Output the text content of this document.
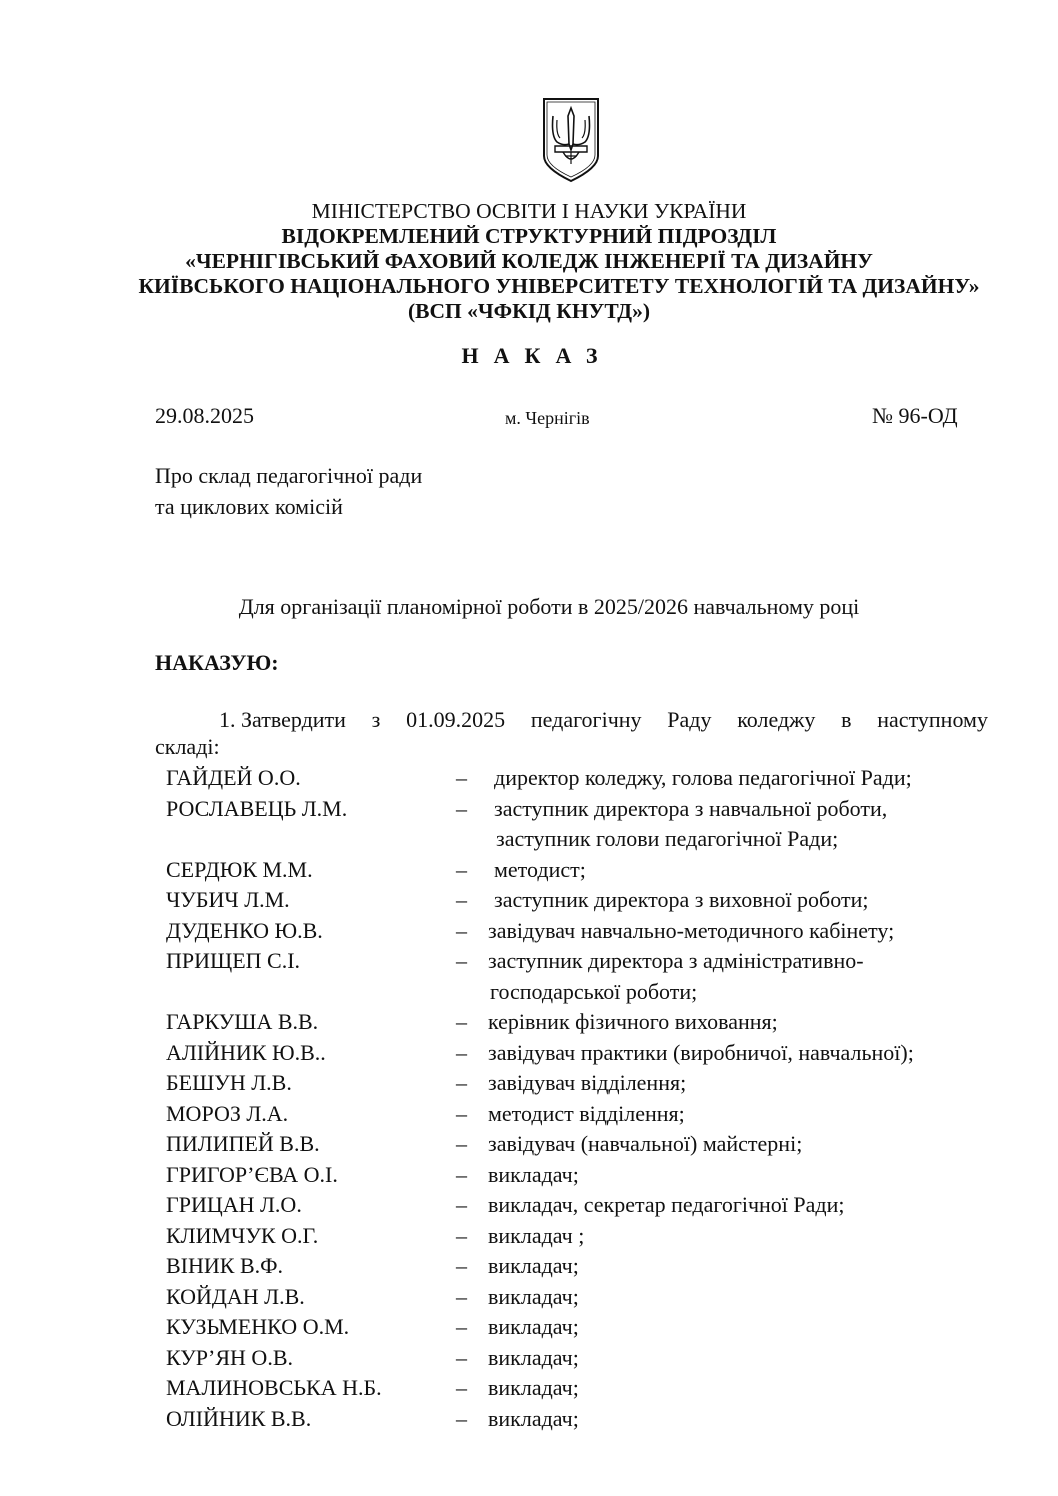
МІНІСТЕРСТВО ОСВІТИ І НАУКИ УКРАЇНИ
ВІДОКРЕМЛЕНИЙ СТРУКТУРНИЙ ПІДРОЗДІЛ
«ЧЕРНІГІВСЬКИЙ ФАХОВИЙ КОЛЕДЖ ІНЖЕНЕРІЇ ТА ДИЗАЙНУ
КИЇВСЬКОГО НАЦІОНАЛЬНОГО УНІВЕРСИТЕТУ ТЕХНОЛОГІЙ ТА ДИЗАЙНУ»
(ВСП «ЧФКІД КНУТД»)
НАКАЗ
29.08.2025	м. Чернігів	№ 96-ОД
Про склад педагогічної ради
та циклових комісій
Для організації планомірної роботи в 2025/2026 навчальному році
НАКАЗУЮ:
1. Затвердити з 01.09.2025 педагогічну Раду коледжу в наступному
складі:
ГАЙДЕЙ О.О.	–	директор коледжу, голова педагогічної Ради;
РОСЛАВЕЦЬ Л.М.	–	заступник директора з навчальної роботи,
заступник голови педагогічної Ради;
СЕРДЮК М.М.	–	методист;
ЧУБИЧ Л.М.	–	заступник директора з виховної роботи;
ДУДЕНКО Ю.В.	– завідувач навчально-методичного кабінету;
ПРИЩЕП С.І.	– заступник директора з адміністративно-
господарської роботи;
ГАРКУША В.В.	– керівник фізичного виховання;
АЛІЙНИК Ю.В..	– завідувач практики (виробничої, навчальної);
БЕШУН Л.В.	– завідувач відділення;
МОРОЗ Л.А.	– методист відділення;
ПИЛИПЕЙ В.В.	– завідувач (навчальної) майстерні;
ГРИГОР’ЄВА О.І.	– викладач;
ГРИЦАН Л.О.	– викладач, секретар педагогічної Ради;
КЛИМЧУК О.Г.	– викладач ;
ВІНИК В.Ф.	– викладач;
КОЙДАН Л.В.	– викладач;
КУЗЬМЕНКО О.М.	– викладач;
КУР’ЯН О.В.	– викладач;
МАЛИНОВСЬКА Н.Б.	– викладач;
ОЛІЙНИК В.В.	– викладач;
